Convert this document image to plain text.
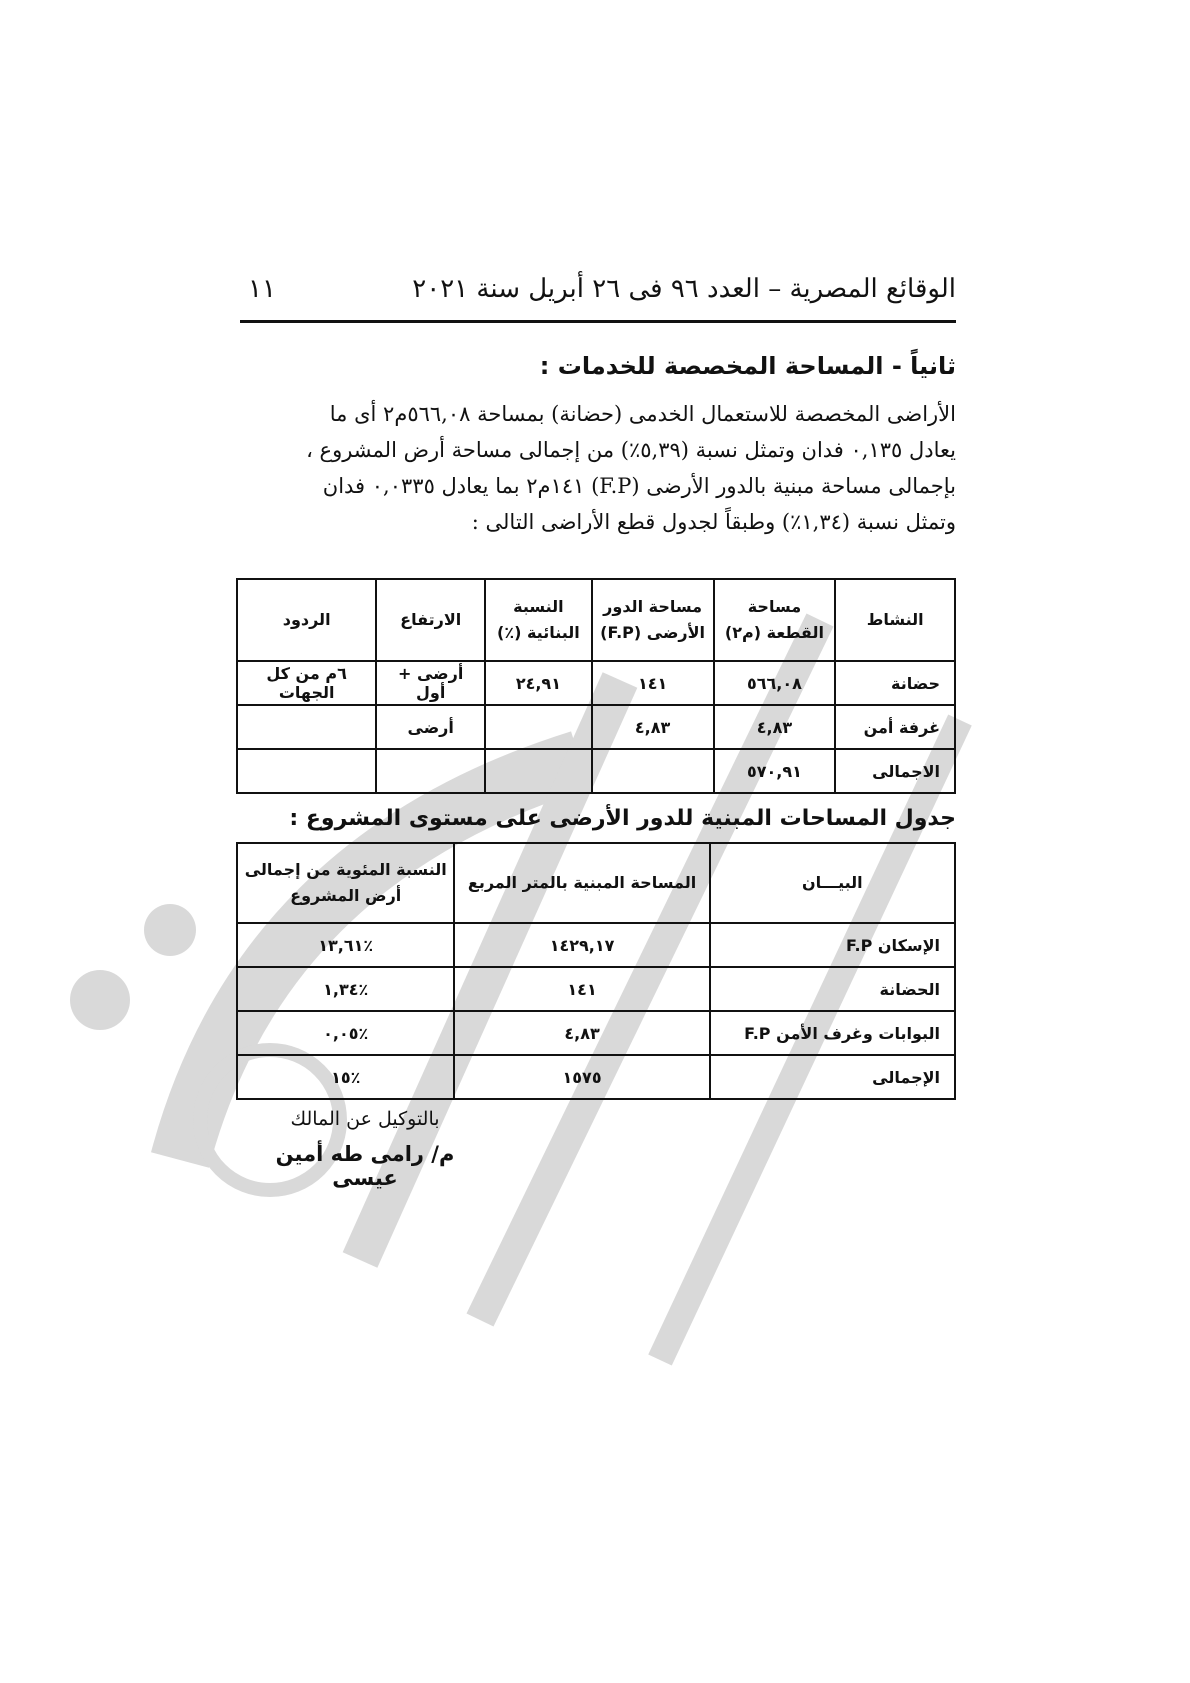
الوقائع المصرية – العدد ٩٦ فى ٢٦ أبريل سنة ٢٠٢١
١١
ثانياً - المساحة المخصصة للخدمات :

الأراضى المخصصة للاستعمال الخدمى (حضانة) بمساحة ٥٦٦,٠٨م٢ أى ما

يعادل ٠,١٣٥ فدان وتمثل نسبة (٥,٣٩٪) من إجمالى مساحة أرض المشروع ،

بإجمالى مساحة مبنية بالدور الأرضى (F.P) ١٤١م٢ بما يعادل ٠,٠٣٣٥ فدان

وتمثل نسبة (١,٣٤٪) وطبقاً لجدول قطع الأراضى التالى :

النشاط	مساحة القطعة (م٢)	مساحة الدور الأرضى (F.P)	النسبة البنائية (٪)	الارتفاع	الردود
حضانة	٥٦٦,٠٨	١٤١	٢٤,٩١	أرضى + أول	٦م من كل الجهات
غرفة أمن	٤,٨٣	٤,٨٣		أرضى	
الاجمالى	٥٧٠,٩١				
جدول المساحات المبنية للدور الأرضى على مستوى المشروع :
البيـــان	المساحة المبنية بالمتر المربع	النسبة المئوية من إجمالى أرض المشروع
الإسكان F.P	١٤٢٩,١٧	٪١٣,٦١
الحضانة	١٤١	٪١,٣٤
البوابات وغرف الأمن F.P	٤,٨٣	٪٠,٠٥
الإجمالى	١٥٧٥	٪١٥
بالتوكيل عن المالك
م/ رامى طه أمين عيسى
